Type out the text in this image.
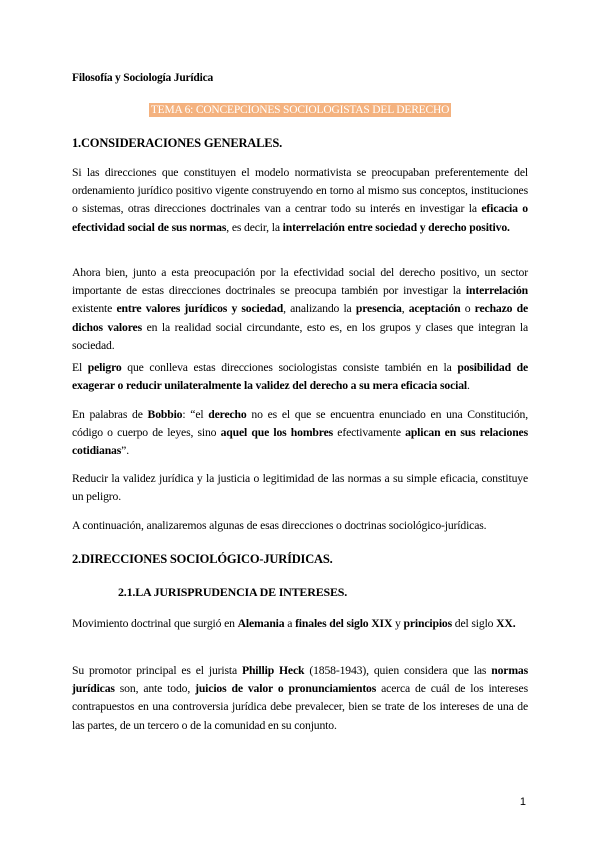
Filosofía y Sociología Jurídica
TEMA 6: CONCEPCIONES SOCIOLOGISTAS DEL DERECHO
1.CONSIDERACIONES GENERALES.
Si las direcciones que constituyen el modelo normativista se preocupaban preferentemente del ordenamiento jurídico positivo vigente construyendo en torno al mismo sus conceptos, instituciones o sistemas, otras direcciones doctrinales van a centrar todo su interés en investigar la eficacia o efectividad social de sus normas, es decir, la interrelación entre sociedad y derecho positivo.
Ahora bien, junto a esta preocupación por la efectividad social del derecho positivo, un sector importante de estas direcciones doctrinales se preocupa también por investigar la interrelación existente entre valores jurídicos y sociedad, analizando la presencia, aceptación o rechazo de dichos valores en la realidad social circundante, esto es, en los grupos y clases que integran la sociedad.
El peligro que conlleva estas direcciones sociologistas consiste también en la posibilidad de exagerar o reducir unilateralmente la validez del derecho a su mera eficacia social.
En palabras de Bobbio: “el derecho no es el que se encuentra enunciado en una Constitución, código o cuerpo de leyes, sino aquel que los hombres efectivamente aplican en sus relaciones cotidianas”.
Reducir la validez jurídica y la justicia o legitimidad de las normas a su simple eficacia, constituye un peligro.
A continuación, analizaremos algunas de esas direcciones o doctrinas sociológico-jurídicas.
2.DIRECCIONES SOCIOLÓGICO-JURÍDICAS.
2.1.LA JURISPRUDENCIA DE INTERESES.
Movimiento doctrinal que surgió en Alemania a finales del siglo XIX y principios del siglo XX.
Su promotor principal es el jurista Phillip Heck (1858-1943), quien considera que las normas jurídicas son, ante todo, juicios de valor o pronunciamientos acerca de cuál de los intereses contrapuestos en una controversia jurídica debe prevalecer, bien se trate de los intereses de una de las partes, de un tercero o de la comunidad en su conjunto.
1
